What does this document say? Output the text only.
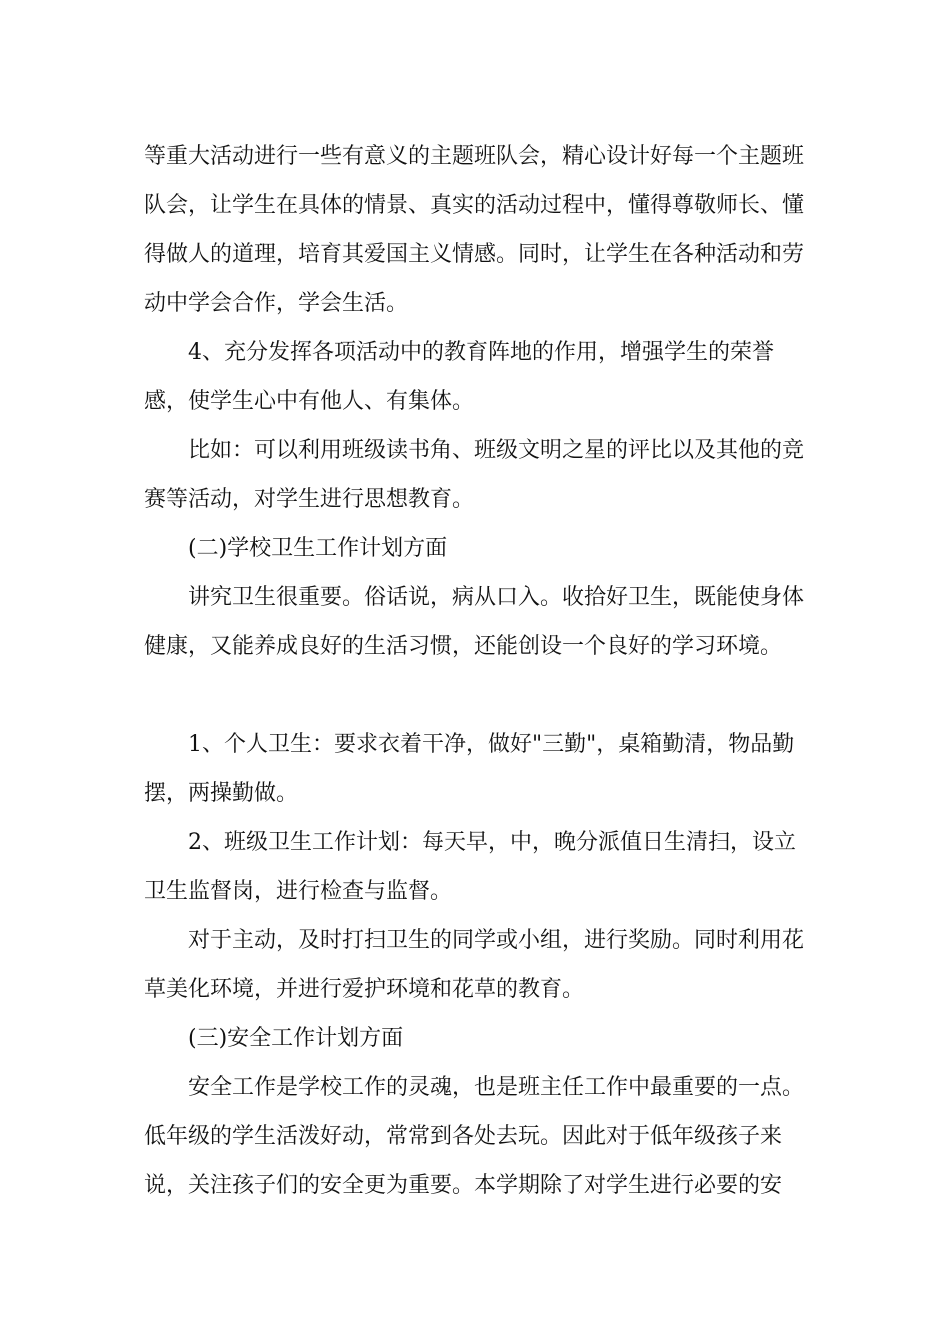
等重大活动进行一些有意义的主题班队会，精心设计好每一个主题班队会，让学生在具体的情景、真实的活动过程中，懂得尊敬师长、懂得做人的道理，培育其爱国主义情感。同时，让学生在各种活动和劳动中学会合作，学会生活。

4、充分发挥各项活动中的教育阵地的作用，增强学生的荣誉感，使学生心中有他人、有集体。

比如：可以利用班级读书角、班级文明之星的评比以及其他的竞赛等活动，对学生进行思想教育。

(二)学校卫生工作计划方面

讲究卫生很重要。俗话说，病从口入。收拾好卫生，既能使身体健康，又能养成良好的生活习惯，还能创设一个良好的学习环境。

1、个人卫生：要求衣着干净，做好"三勤"，桌箱勤清，物品勤摆，两操勤做。

2、班级卫生工作计划：每天早，中，晚分派值日生清扫，设立卫生监督岗，进行检查与监督。

对于主动，及时打扫卫生的同学或小组，进行奖励。同时利用花草美化环境，并进行爱护环境和花草的教育。

(三)安全工作计划方面

安全工作是学校工作的灵魂，也是班主任工作中最重要的一点。低年级的学生活泼好动，常常到各处去玩。因此对于低年级孩子来说，关注孩子们的安全更为重要。本学期除了对学生进行必要的安
